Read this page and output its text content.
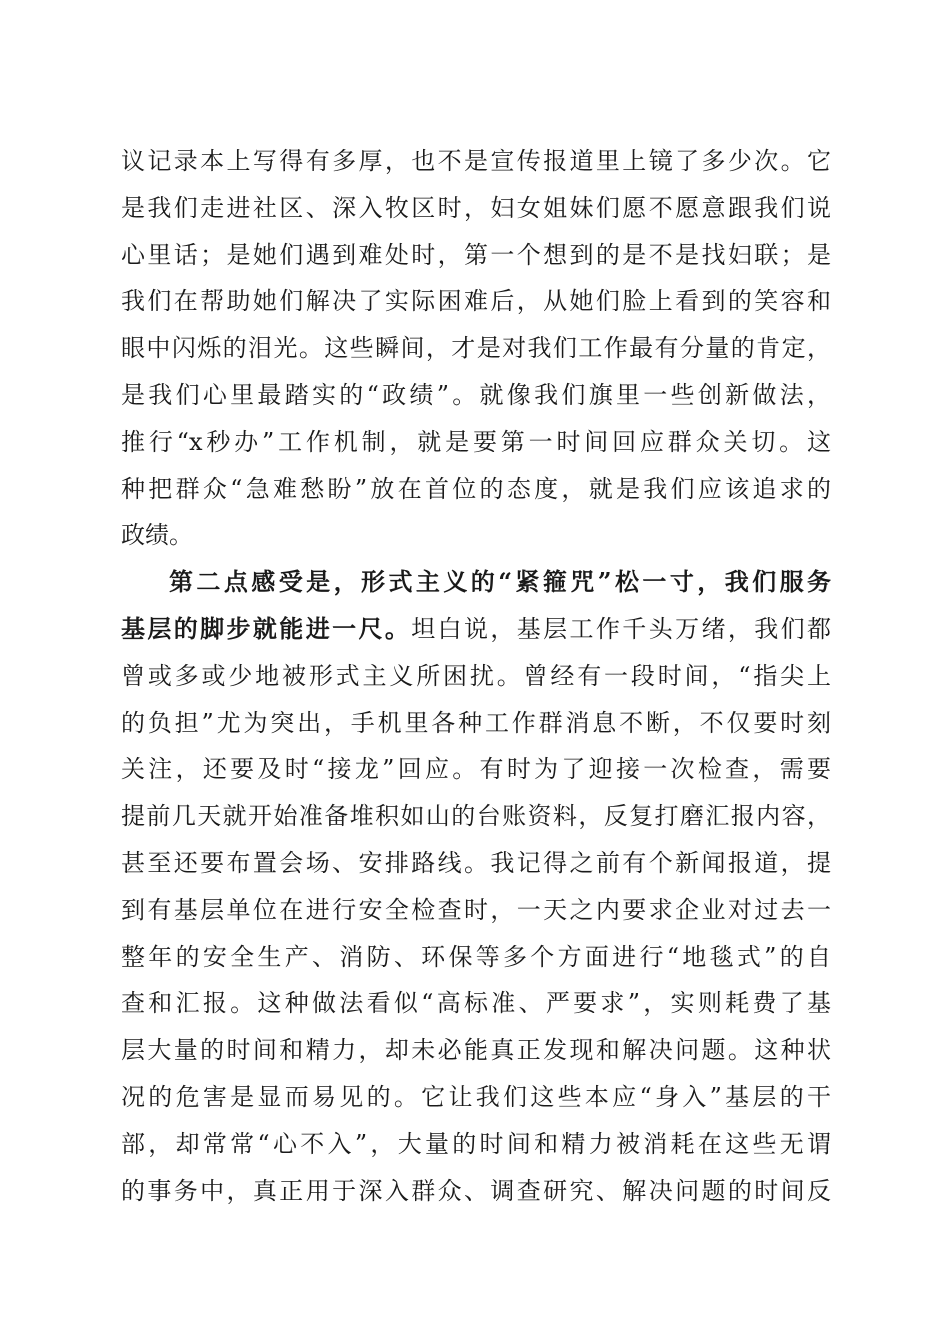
议记录本上写得有多厚，也不是宣传报道里上镜了多少次。它
是我们走进社区、深入牧区时，妇女姐妹们愿不愿意跟我们说
心里话；是她们遇到难处时，第一个想到的是不是找妇联；是
我们在帮助她们解决了实际困难后，从她们脸上看到的笑容和
眼中闪烁的泪光。这些瞬间，才是对我们工作最有分量的肯定，
是我们心里最踏实的“政绩”。就像我们旗里一些创新做法，
推行“x秒办”工作机制，就是要第一时间回应群众关切。这
种把群众“急难愁盼”放在首位的态度，就是我们应该追求的
政绩。
第二点感受是，形式主义的“紧箍咒”松一寸，我们服务
基层的脚步就能进一尺。坦白说，基层工作千头万绪，我们都
曾或多或少地被形式主义所困扰。曾经有一段时间，“指尖上
的负担”尤为突出，手机里各种工作群消息不断，不仅要时刻
关注，还要及时“接龙”回应。有时为了迎接一次检查，需要
提前几天就开始准备堆积如山的台账资料，反复打磨汇报内容，
甚至还要布置会场、安排路线。我记得之前有个新闻报道，提
到有基层单位在进行安全检查时，一天之内要求企业对过去一
整年的安全生产、消防、环保等多个方面进行“地毯式”的自
查和汇报。这种做法看似“高标准、严要求”，实则耗费了基
层大量的时间和精力，却未必能真正发现和解决问题。这种状
况的危害是显而易见的。它让我们这些本应“身入”基层的干
部，却常常“心不入”，大量的时间和精力被消耗在这些无谓
的事务中，真正用于深入群众、调查研究、解决问题的时间反
